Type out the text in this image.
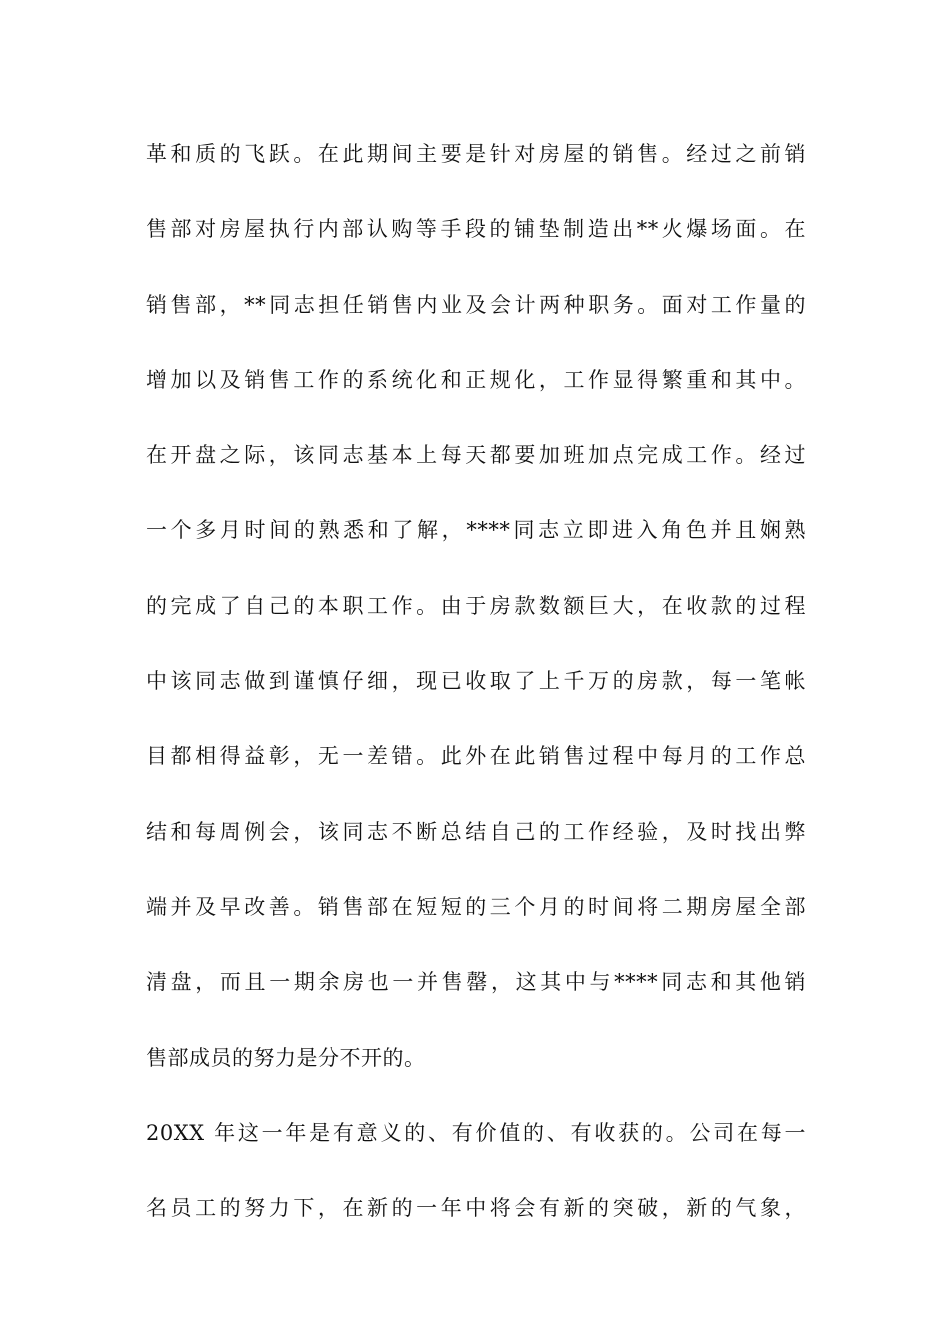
革和质的飞跃。在此期间主要是针对房屋的销售。经过之前销
售部对房屋执行内部认购等手段的铺垫制造出**火爆场面。在
销售部，**同志担任销售内业及会计两种职务。面对工作量的
增加以及销售工作的系统化和正规化，工作显得繁重和其中。
在开盘之际，该同志基本上每天都要加班加点完成工作。经过
一个多月时间的熟悉和了解，****同志立即进入角色并且娴熟
的完成了自己的本职工作。由于房款数额巨大，在收款的过程
中该同志做到谨慎仔细，现已收取了上千万的房款，每一笔帐
目都相得益彰，无一差错。此外在此销售过程中每月的工作总
结和每周例会，该同志不断总结自己的工作经验，及时找出弊
端并及早改善。销售部在短短的三个月的时间将二期房屋全部
清盘，而且一期余房也一并售罄，这其中与****同志和其他销
售部成员的努力是分不开的。
20XX 年这一年是有意义的、有价值的、有收获的。公司在每一
名员工的努力下，在新的一年中将会有新的突破，新的气象，
